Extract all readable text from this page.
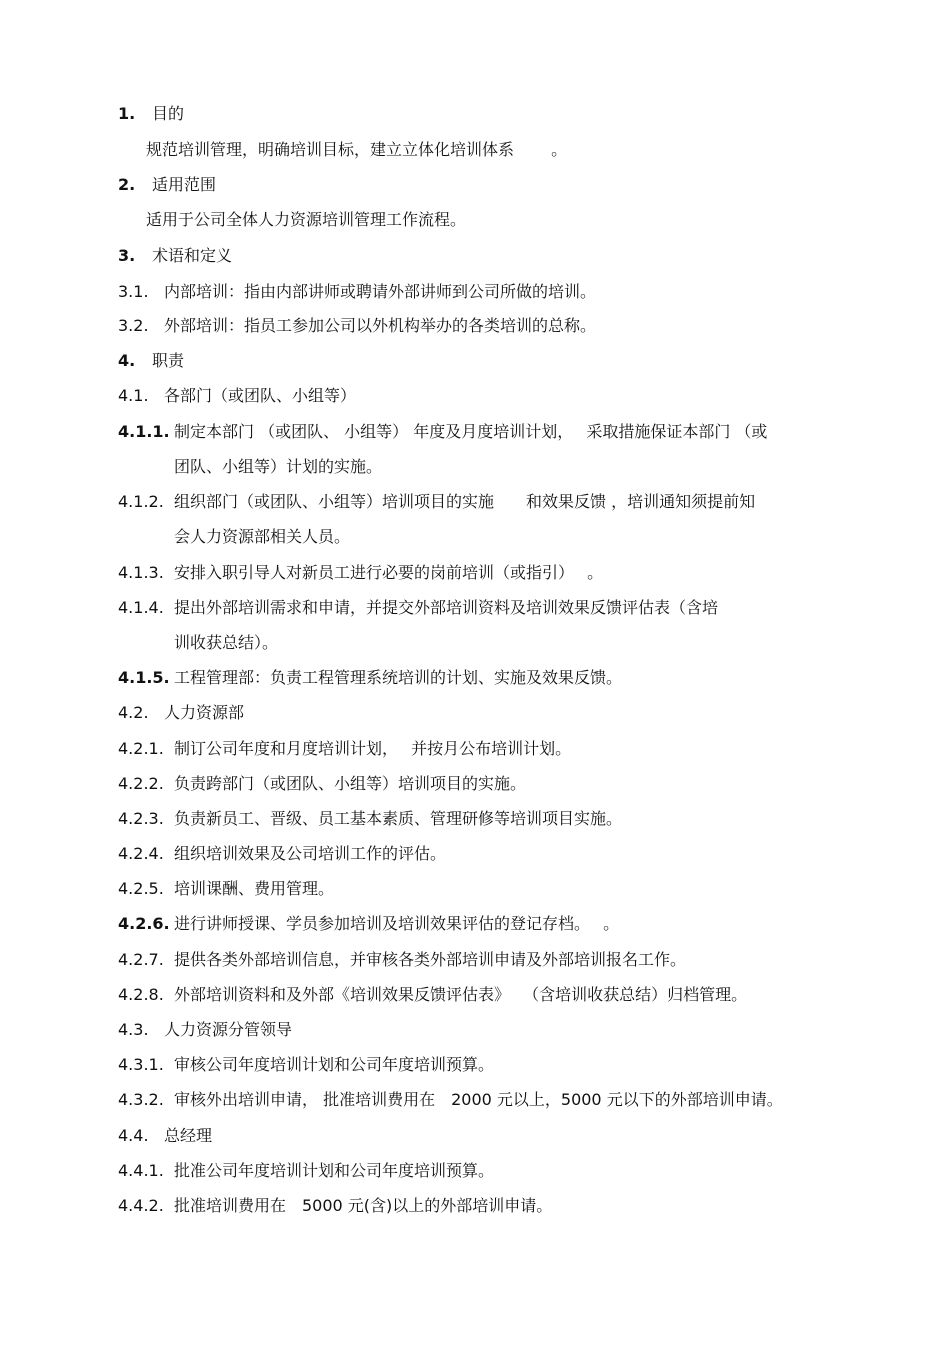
1. 目的
规范培训管理，明确培训目标，建立立体化培训体系　　 。
2. 适用范围
适用于公司全体人力资源培训管理工作流程。
3. 术语和定义
3.1. 内部培训：指由内部讲师或聘请外部讲师到公司所做的培训。
3.2. 外部培训：指员工参加公司以外机构举办的各类培训的总称。
4. 职责
4.1. 各部门（或团队、小组等）
4.1.1. 制定本部门 （或团队、 小组等） 年度及月度培训计划，　 采取措施保证本部门 （或
团队、小组等）计划的实施。
4.1.2. 组织部门（或团队、小组等）培训项目的实施　　和效果反馈 ，培训通知须提前知
会人力资源部相关人员。
4.1.3. 安排入职引导人对新员工进行必要的岗前培训（或指引）　 。
4.1.4. 提出外部培训需求和申请，并提交外部培训资料及培训效果反馈评估表（含培
训收获总结）。
4.1.5. 工程管理部：负责工程管理系统培训的计划、实施及效果反馈。
4.2. 人力资源部
4.2.1. 制订公司年度和月度培训计划，　 并按月公布培训计划。
4.2.2. 负责跨部门（或团队、小组等）培训项目的实施。
4.2.3. 负责新员工、晋级、员工基本素质、管理研修等培训项目实施。
4.2.4. 组织培训效果及公司培训工作的评估。
4.2.5. 培训课酬、费用管理。
4.2.6. 进行讲师授课、学员参加培训及培训效果评估的登记存档。　 。
4.2.7. 提供各类外部培训信息，并审核各类外部培训申请及外部培训报名工作。
4.2.8. 外部培训资料和及外部《培训效果反馈评估表》　 （含培训收获总结）归档管理。
4.3. 人力资源分管领导
4.3.1. 审核公司年度培训计划和公司年度培训预算。
4.3.2. 审核外出培训申请， 批准培训费用在　2000 元以上，5000 元以下的外部培训申请。
4.4. 总经理
4.4.1. 批准公司年度培训计划和公司年度培训预算。
4.4.2. 批准培训费用在　5000 元(含)以上的外部培训申请。
